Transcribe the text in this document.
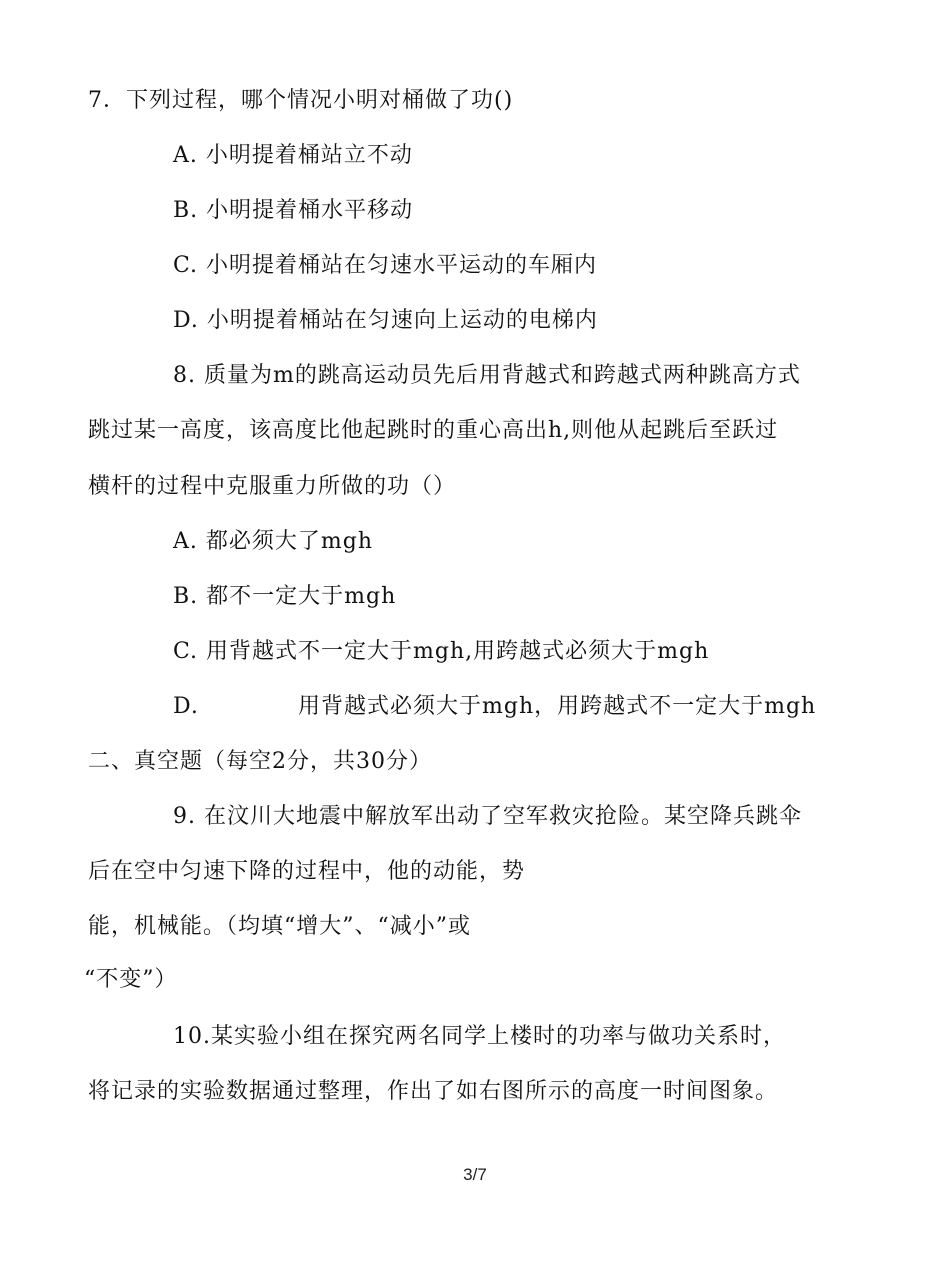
7．下列过程，哪个情况小明对桶做了功()
A. 小明提着桶站立不动
B. 小明提着桶水平移动
C. 小明提着桶站在匀速水平运动的车厢内
D. 小明提着桶站在匀速向上运动的电梯内
8. 质量为m的跳高运动员先后用背越式和跨越式两种跳高方式
跳过某一高度，该高度比他起跳时的重心高出h,则他从起跳后至跃过
横杆的过程中克服重力所做的功（）
A. 都必须大了mgh
B. 都不一定大于mgh
C. 用背越式不一定大于mgh,用跨越式必须大于mgh
D.	用背越式必须大于mgh，用跨越式不一定大于mgh
二、真空题（每空2分，共30分）
9. 在汶川大地震中解放军出动了空军救灾抢险。某空降兵跳伞
后在空中匀速下降的过程中，他的动能，势
能，机械能。（均填“增大”、“减小”或
“不变”）
10.某实验小组在探究两名同学上楼时的功率与做功关系时，
将记录的实验数据通过整理，作出了如右图所示的高度一时间图象。
3/7
